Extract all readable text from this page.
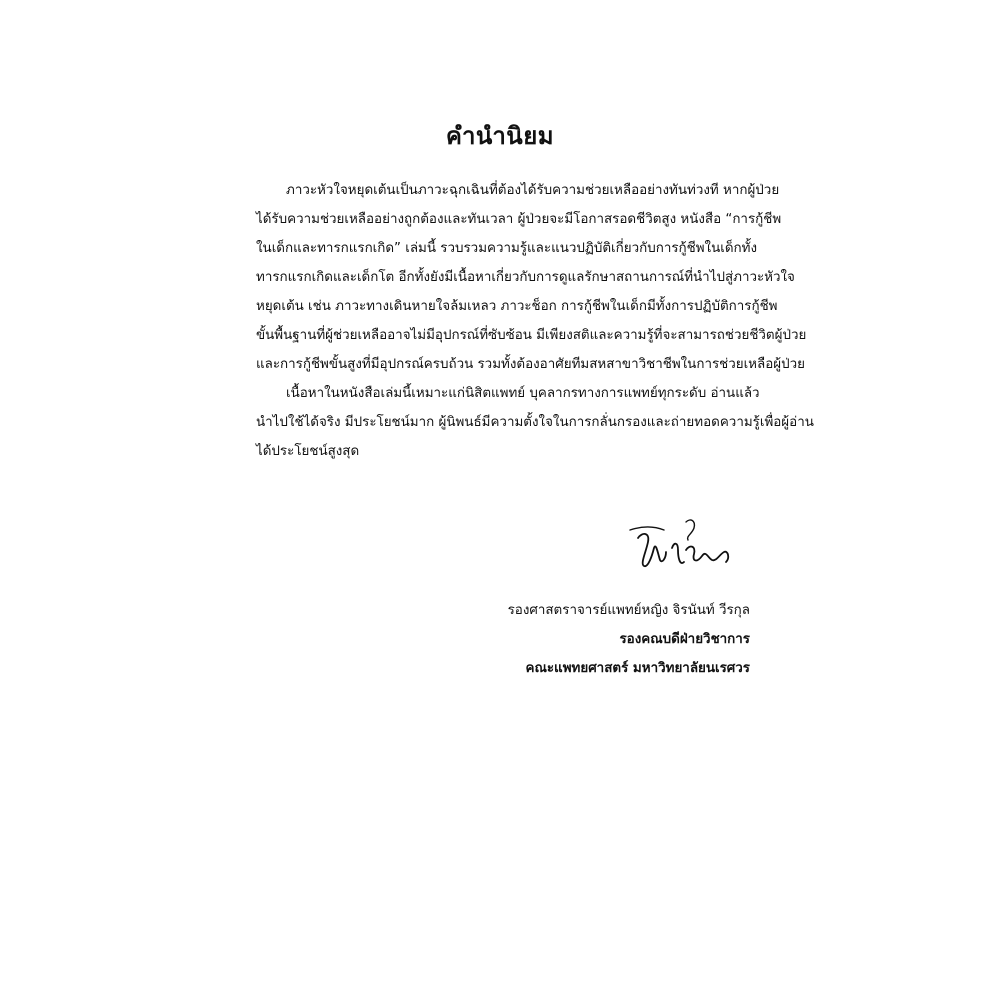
คำนำนิยม
ภาวะหัวใจหยุดเต้นเป็นภาวะฉุกเฉินที่ต้องได้รับความช่วยเหลืออย่างทันท่วงที หากผู้ป่วย
ได้รับความช่วยเหลืออย่างถูกต้องและทันเวลา ผู้ป่วยจะมีโอกาสรอดชีวิตสูง หนังสือ “การกู้ชีพ
ในเด็กและทารกแรกเกิด” เล่มนี้ รวบรวมความรู้และแนวปฏิบัติเกี่ยวกับการกู้ชีพในเด็กทั้ง
ทารกแรกเกิดและเด็กโต อีกทั้งยังมีเนื้อหาเกี่ยวกับการดูแลรักษาสถานการณ์ที่นำไปสู่ภาวะหัวใจ
หยุดเต้น เช่น ภาวะทางเดินหายใจล้มเหลว ภาวะช็อก การกู้ชีพในเด็กมีทั้งการปฏิบัติการกู้ชีพ
ขั้นพื้นฐานที่ผู้ช่วยเหลืออาจไม่มีอุปกรณ์ที่ซับซ้อน มีเพียงสติและความรู้ที่จะสามารถช่วยชีวิตผู้ป่วย
และการกู้ชีพขั้นสูงที่มีอุปกรณ์ครบถ้วน รวมทั้งต้องอาศัยทีมสหสาขาวิชาชีพในการช่วยเหลือผู้ป่วย
เนื้อหาในหนังสือเล่มนี้เหมาะแก่นิสิตแพทย์ บุคลากรทางการแพทย์ทุกระดับ อ่านแล้ว
นำไปใช้ได้จริง มีประโยชน์มาก ผู้นิพนธ์มีความตั้งใจในการกลั่นกรองและถ่ายทอดความรู้เพื่อผู้อ่าน
ได้ประโยชน์สูงสุด
รองศาสตราจารย์แพทย์หญิง จิรนันท์ วีรกุล
รองคณบดีฝ่ายวิชาการ
คณะแพทยศาสตร์ มหาวิทยาลัยนเรศวร
